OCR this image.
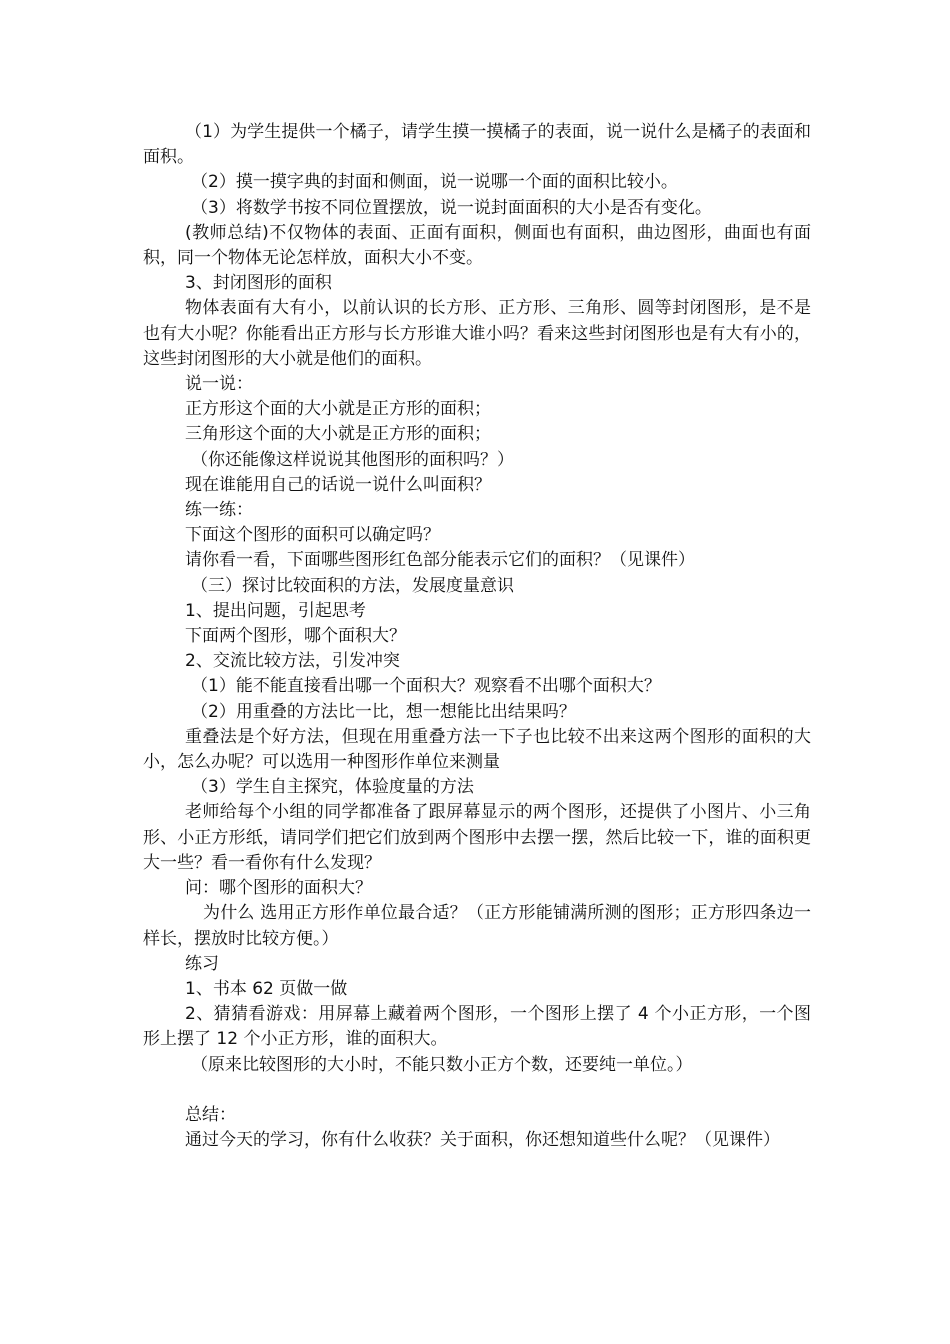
（1）为学生提供一个橘子，请学生摸一摸橘子的表面，说一说什么是橘子的表面和面积。

（2）摸一摸字典的封面和侧面，说一说哪一个面的面积比较小。

（3）将数学书按不同位置摆放，说一说封面面积的大小是否有变化。

(教师总结)不仅物体的表面、正面有面积，侧面也有面积，曲边图形，曲面也有面积，同一个物体无论怎样放，面积大小不变。

3、封闭图形的面积

物体表面有大有小，以前认识的长方形、正方形、三角形、圆等封闭图形，是不是也有大小呢？你能看出正方形与长方形谁大谁小吗？看来这些封闭图形也是有大有小的，这些封闭图形的大小就是他们的面积。

说一说：

正方形这个面的大小就是正方形的面积；

三角形这个面的大小就是正方形的面积；

（你还能像这样说说其他图形的面积吗？）

现在谁能用自己的话说一说什么叫面积？

练一练：

下面这个图形的面积可以确定吗？

请你看一看，下面哪些图形红色部分能表示它们的面积？（见课件）

（三）探讨比较面积的方法，发展度量意识

1、提出问题，引起思考

下面两个图形，哪个面积大？

2、交流比较方法，引发冲突

（1）能不能直接看出哪一个面积大？观察看不出哪个面积大？

（2）用重叠的方法比一比，想一想能比出结果吗？

重叠法是个好方法，但现在用重叠方法一下子也比较不出来这两个图形的面积的大小，怎么办呢？可以选用一种图形作单位来测量

（3）学生自主探究，体验度量的方法

老师给每个小组的同学都准备了跟屏幕显示的两个图形，还提供了小图片、小三角形、小正方形纸，请同学们把它们放到两个图形中去摆一摆，然后比较一下，谁的面积更大一些？看一看你有什么发现？

问：哪个图形的面积大？

为什么 选用正方形作单位最合适？（正方形能铺满所测的图形；正方形四条边一样长，摆放时比较方便。）

练习

1、书本 62 页做一做

2、猜猜看游戏：用屏幕上藏着两个图形，一个图形上摆了 4 个小正方形，一个图形上摆了 12 个小正方形，谁的面积大。

（原来比较图形的大小时，不能只数小正方个数，还要纯一单位。）

总结：

通过今天的学习，你有什么收获？关于面积，你还想知道些什么呢？（见课件）
